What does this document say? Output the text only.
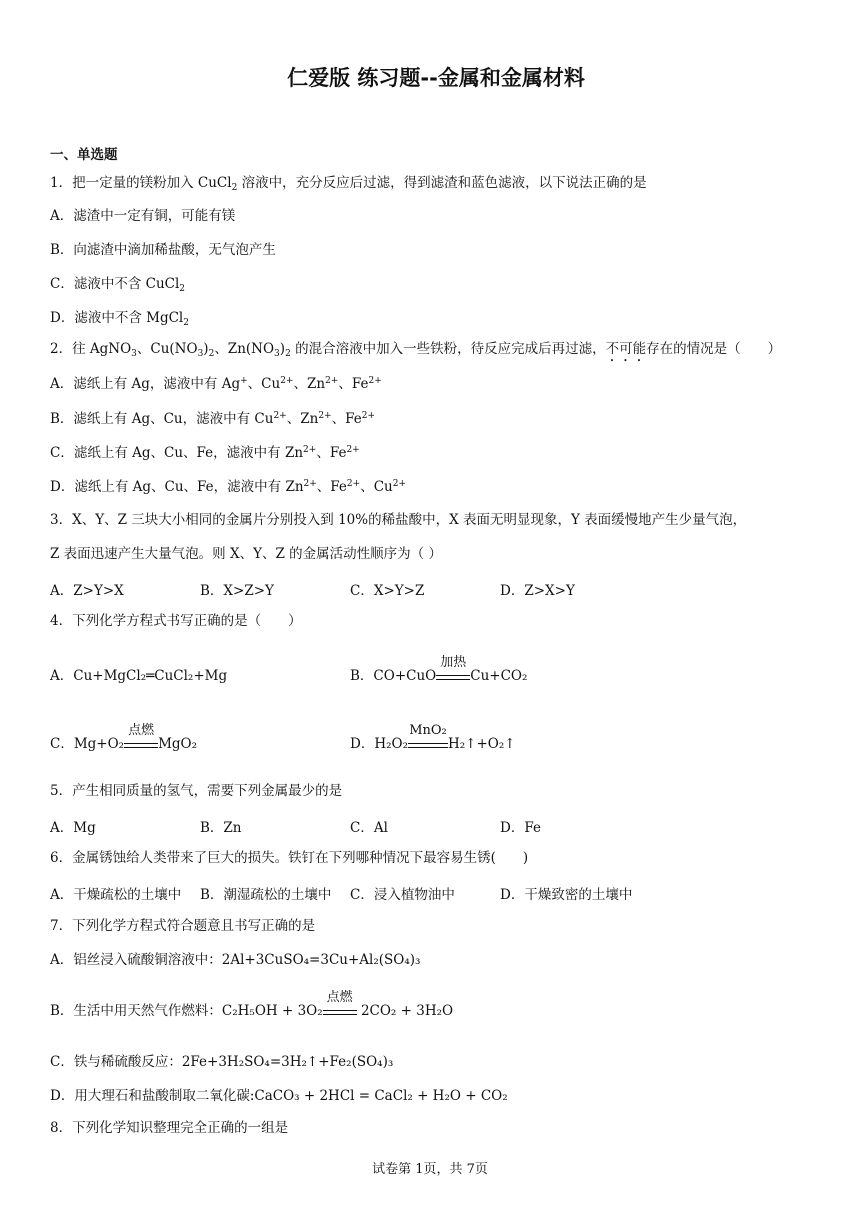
仁爱版 练习题--金属和金属材料
一、单选题
1．把一定量的镁粉加入 CuCl$_2$ 溶液中，充分反应后过滤，得到滤渣和蓝色滤液，以下说法正确的是
A．滤渣中一定有铜，可能有镁
B．向滤渣中滴加稀盐酸，无气泡产生
C．滤液中不含 CuCl$_2$
D．滤液中不含 MgCl$_2$
2．往 AgNO$_3$、$Cu(NO_3)_2$、$Zn(NO_3)_2$ 的混合溶液中加入一些铁粉，待反应完成后再过滤，不可能存在的情况是（　　）
A．滤纸上有 Ag，滤液中有 Ag+、$Cu^{2+}$、$Zn^{2+}$、$Fe^{2+}$
B．滤纸上有 Ag、Cu，滤液中有 $Cu^{2+}$、$Zn^{2+}$、$Fe^{2+}$
C．滤纸上有 Ag、Cu、Fe，滤液中有 $Zn^{2+}$、$Fe^{2+}$
D．滤纸上有 Ag、Cu、Fe，滤液中有 $Zn^{2+}$、$Fe^{2+}$、$Cu^{2+}$
3．X、Y、Z 三块大小相同的金属片分别投入到 10%的稀盐酸中，X 表面无明显现象，Y 表面缓慢地产生少量气泡，
Z 表面迅速产生大量气泡。则 X、Y、Z 的金属活动性顺序为（ ）
A．Z>Y>X	B．X>Z>Y	C．X>Y>Z	D．Z>X>Y
4．下列化学方程式书写正确的是（　　）
A．Cu+MgCl₂═CuCl₂+Mg	B．CO+CuO
加热
Cu+CO₂
C．Mg+O₂
点燃
MgO₂	D．H₂O₂
MnO₂
H₂↑+O₂↑
5．产生相同质量的氢气，需要下列金属最少的是
A．Mg	B．Zn	C．Al	D．Fe
6．金属锈蚀给人类带来了巨大的损失。铁钉在下列哪种情况下最容易生锈(　　)
A．干燥疏松的土壤中 B．潮湿疏松的土壤中 C．浸入植物油中	D．干燥致密的土壤中
7．下列化学方程式符合题意且书写正确的是
A．铝丝浸入硫酸铜溶液中：2Al+3CuSO₄=3Cu+Al₂(SO₄)₃
B．生活中用天然气作燃料：C₂H₅OH + 3O₂
点燃
2CO₂ + 3H₂O
C．铁与稀硫酸反应：2Fe+3H₂SO₄=3H₂↑+Fe₂(SO₄)₃
D．用大理石和盐酸制取二氧化碳:CaCO₃ + 2HCl = CaCl₂ + H₂O + CO₂
8．下列化学知识整理完全正确的一组是
试卷第 1页，共 7页
